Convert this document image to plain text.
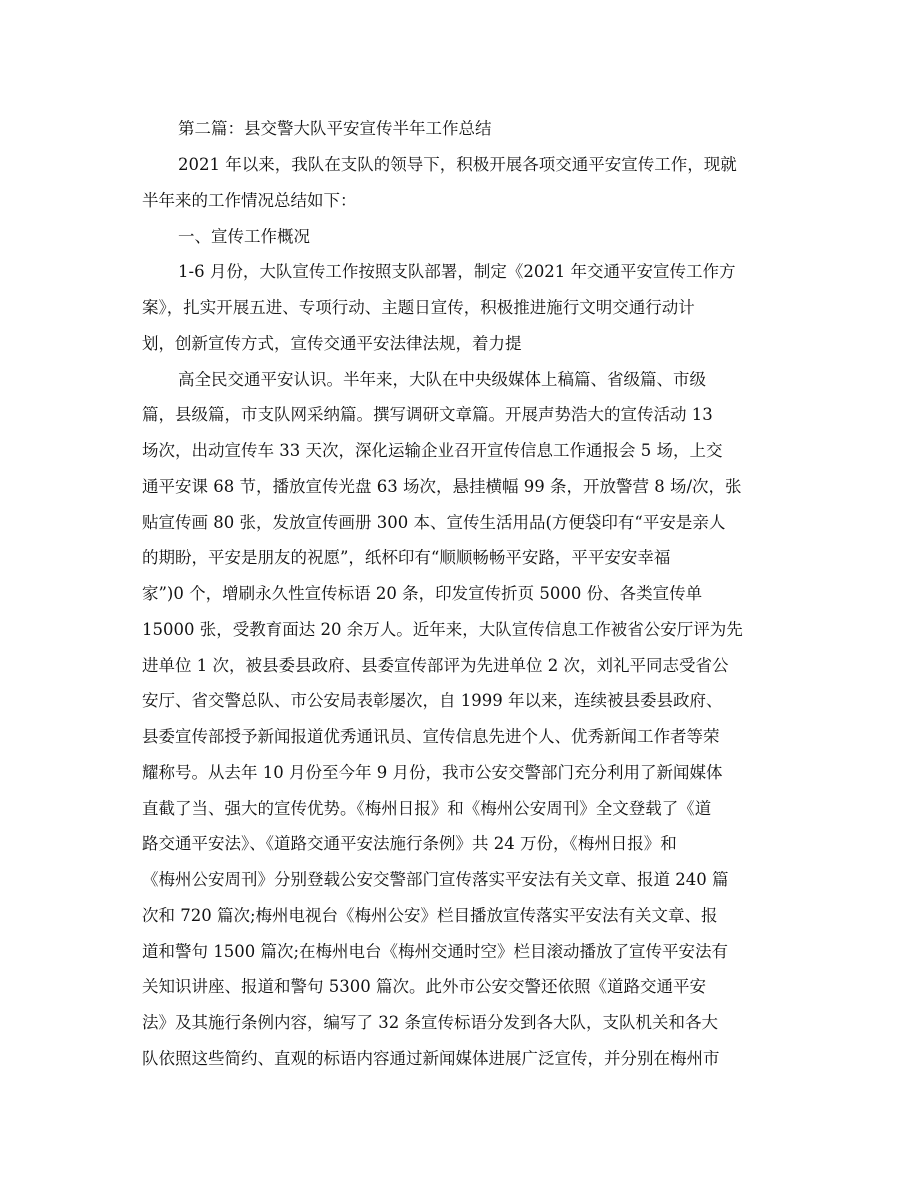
第二篇：县交警大队平安宣传半年工作总结
2021 年以来，我队在支队的领导下，积极开展各项交通平安宣传工作，现就
半年来的工作情况总结如下：
一、宣传工作概况
1-6 月份，大队宣传工作按照支队部署，制定《2021 年交通平安宣传工作方
案》，扎实开展五进、专项行动、主题日宣传，积极推进施行文明交通行动计
划，创新宣传方式，宣传交通平安法律法规，着力提
高全民交通平安认识。半年来，大队在中央级媒体上稿篇、省级篇、市级
篇，县级篇，市支队网采纳篇。撰写调研文章篇。开展声势浩大的宣传活动 13
场次，出动宣传车 33 天次，深化运输企业召开宣传信息工作通报会 5 场，上交
通平安课 68 节，播放宣传光盘 63 场次，悬挂横幅 99 条，开放警营 8 场/次，张
贴宣传画 80 张，发放宣传画册 300 本、宣传生活用品(方便袋印有“平安是亲人
的期盼，平安是朋友的祝愿”，纸杯印有“顺顺畅畅平安路，平平安安幸福
家”)0 个，增刷永久性宣传标语 20 条，印发宣传折页 5000 份、各类宣传单
15000 张，受教育面达 20 余万人。近年来，大队宣传信息工作被省公安厅评为先
进单位 1 次，被县委县政府、县委宣传部评为先进单位 2 次，刘礼平同志受省公
安厅、省交警总队、市公安局表彰屡次，自 1999 年以来，连续被县委县政府、
县委宣传部授予新闻报道优秀通讯员、宣传信息先进个人、优秀新闻工作者等荣
耀称号。从去年 10 月份至今年 9 月份，我市公安交警部门充分利用了新闻媒体
直截了当、强大的宣传优势。《梅州日报》和《梅州公安周刊》全文登载了《道
路交通平安法》、《道路交通平安法施行条例》共 24 万份，《梅州日报》和
《梅州公安周刊》分别登载公安交警部门宣传落实平安法有关文章、报道 240 篇
次和 720 篇次;梅州电视台《梅州公安》栏目播放宣传落实平安法有关文章、报
道和警句 1500 篇次;在梅州电台《梅州交通时空》栏目滚动播放了宣传平安法有
关知识讲座、报道和警句 5300 篇次。此外市公安交警还依照《道路交通平安
法》及其施行条例内容，编写了 32 条宣传标语分发到各大队，支队机关和各大
队依照这些简约、直观的标语内容通过新闻媒体进展广泛宣传，并分别在梅州市
